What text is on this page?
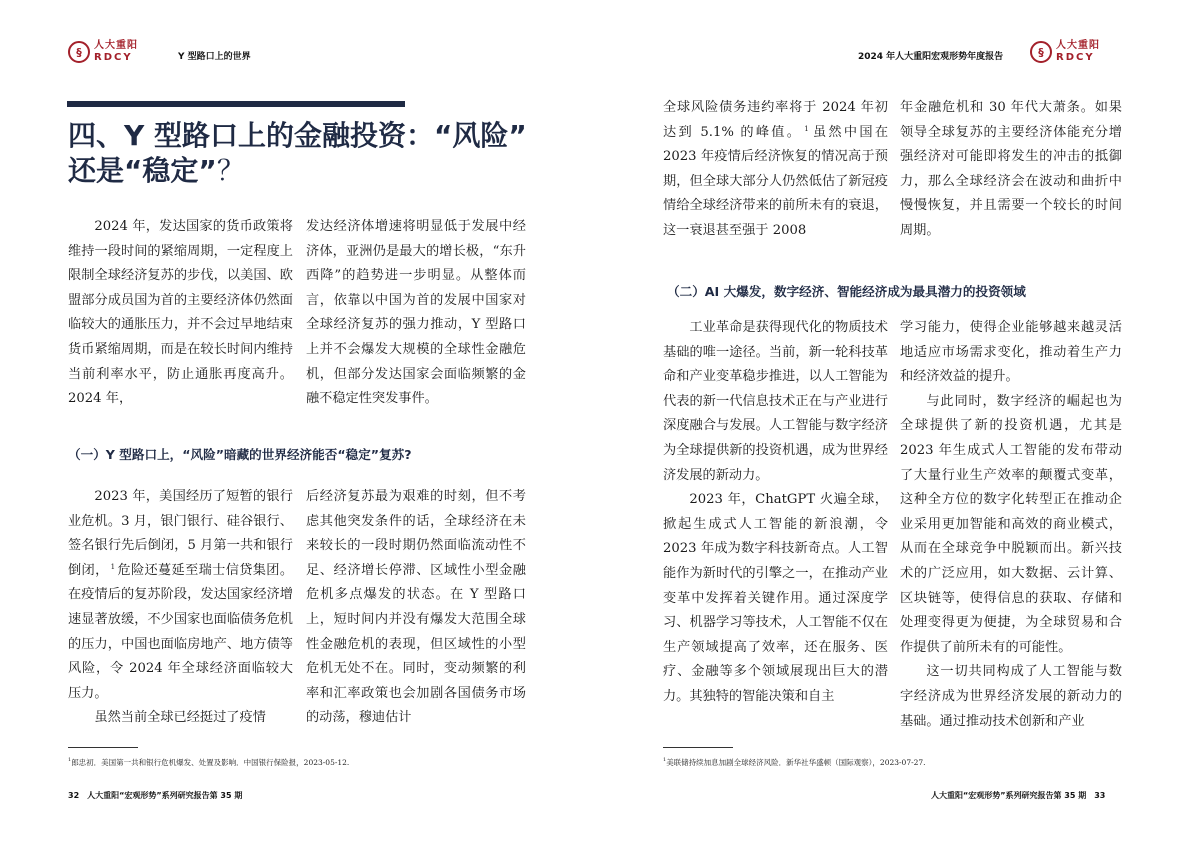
§	人大重阳
RDCY	Y 型路口上的世界
四、Y 型路口上的金融投资：“风险”
还是“稳定”？

2024 年，发达国家的货币政策将维持一段时间的紧缩周期，一定程度上限制全球经济复苏的步伐，以美国、欧盟部分成员国为首的主要经济体仍然面临较大的通胀压力，并不会过早地结束货币紧缩周期，而是在较长时间内维持当前利率水平，防止通胀再度高升。2024 年，

发达经济体增速将明显低于发展中经济体，亚洲仍是最大的增长极，“东升西降”的趋势进一步明显。从整体而言，依靠以中国为首的发展中国家对全球经济复苏的强力推动，Y 型路口上并不会爆发大规模的全球性金融危机，但部分发达国家会面临频繁的金融不稳定性突发事件。

（一）Y 型路口上，“风险”暗藏的世界经济能否“稳定”复苏?

2023 年，美国经历了短暂的银行业危机。3 月，银门银行、硅谷银行、签名银行先后倒闭，5 月第一共和银行倒闭， $^1$ 危险还蔓延至瑞士信贷集团。在疫情后的复苏阶段，发达国家经济增速显著放缓，不少国家也面临债务危机的压力，中国也面临房地产、地方债等风险，令 2024 年全球经济面临较大压力。

虽然当前全球已经挺过了疫情

后经济复苏最为艰难的时刻，但不考虑其他突发条件的话，全球经济在未来较长的一段时期仍然面临流动性不足、经济增长停滞、区域性小型金融危机多点爆发的状态。在 Y 型路口上，短时间内并没有爆发大范围全球性金融危机的表现，但区域性的小型危机无处不在。同时，变动频繁的利率和汇率政策也会加剧各国债务市场的动荡，穆迪估计

$^1$郎忠初．美国第一共和银行危机爆发、处置及影响．中国银行保险报，2023-05-12.
32　人大重阳“宏观形势”系列研究报告第 35 期
2024 年人大重阳宏观形势年度报告	§	人大重阳
RDCY

全球风险债务违约率将于 2024 年初达到 5.1% 的峰值。 $^1$ 虽然中国在 2023 年疫情后经济恢复的情况高于预期，但全球大部分人仍然低估了新冠疫情给全球经济带来的前所未有的衰退，这一衰退甚至强于 2008

年金融危机和 30 年代大萧条。如果领导全球复苏的主要经济体能充分增强经济对可能即将发生的冲击的抵御力，那么全球经济会在波动和曲折中慢慢恢复，并且需要一个较长的时间周期。

（二）AI 大爆发，数字经济、智能经济成为最具潜力的投资领域

工业革命是获得现代化的物质技术基础的唯一途径。当前，新一轮科技革命和产业变革稳步推进，以人工智能为代表的新一代信息技术正在与产业进行深度融合与发展。人工智能与数字经济为全球提供新的投资机遇，成为世界经济发展的新动力。

2023 年，ChatGPT 火遍全球，掀起生成式人工智能的新浪潮，令 2023 年成为数字科技新奇点。人工智能作为新时代的引擎之一，在推动产业变革中发挥着关键作用。通过深度学习、机器学习等技术，人工智能不仅在生产领域提高了效率，还在服务、医疗、金融等多个领域展现出巨大的潜力。其独特的智能决策和自主

学习能力，使得企业能够越来越灵活地适应市场需求变化，推动着生产力和经济效益的提升。

与此同时，数字经济的崛起也为全球提供了新的投资机遇，尤其是 2023 年生成式人工智能的发布带动了大量行业生产效率的颠覆式变革，这种全方位的数字化转型正在推动企业采用更加智能和高效的商业模式，从而在全球竞争中脱颖而出。新兴技术的广泛应用，如大数据、云计算、区块链等，使得信息的获取、存储和处理变得更为便捷，为全球贸易和合作提供了前所未有的可能性。

这一切共同构成了人工智能与数字经济成为世界经济发展的新动力的基础。通过推动技术创新和产业

$^1$美联储持续加息加剧全球经济风险．新华社华盛顿（国际观察），2023-07-27.
人大重阳“宏观形势”系列研究报告第 35 期　33
